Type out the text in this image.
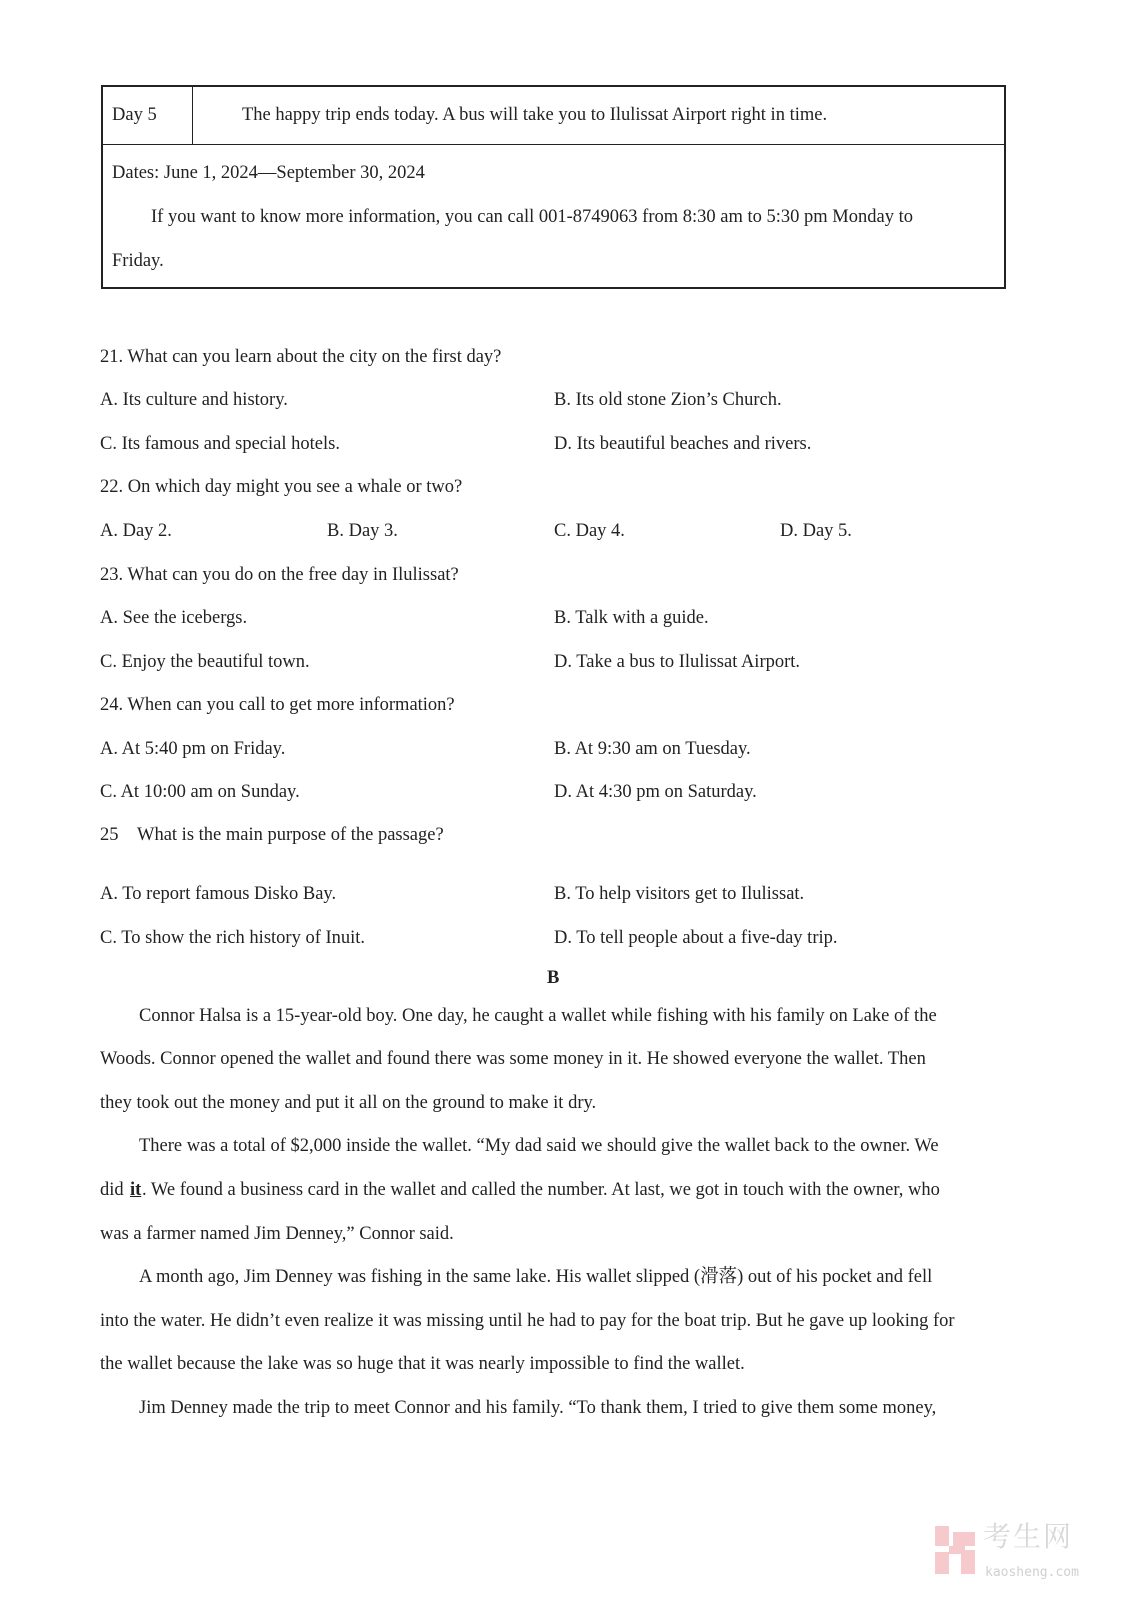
Day 5	The happy trip ends today. A bus will take you to Ilulissat Airport right in time.
Dates: June 1, 2024—September 30, 2024
If you want to know more information, you can call 001-8749063 from 8:30 am to 5:30 pm Monday to
Friday.
21. What can you learn about the city on the first day?
A. Its culture and history.	B. Its old stone Zion’s Church.
C. Its famous and special hotels.	D. Its beautiful beaches and rivers.
22. On which day might you see a whale or two?
A. Day 2.	B. Day 3.	C. Day 4.	D. Day 5.
23. What can you do on the free day in Ilulissat?
A. See the icebergs.	B. Talk with a guide.
C. Enjoy the beautiful town.	D. Take a bus to Ilulissat Airport.
24. When can you call to get more information?
A. At 5:40 pm on Friday.	B. At 9:30 am on Tuesday.
C. At 10:00 am on Sunday.	D. At 4:30 pm on Saturday.
25 What is the main purpose of the passage?
A. To report famous Disko Bay.	B. To help visitors get to Ilulissat.
C. To show the rich history of Inuit.	D. To tell people about a five-day trip.
B
Connor Halsa is a 15-year-old boy. One day, he caught a wallet while fishing with his family on Lake of the
Woods. Connor opened the wallet and found there was some money in it. He showed everyone the wallet. Then
they took out the money and put it all on the ground to make it dry.
There was a total of $2,000 inside the wallet. “My dad said we should give the wallet back to the owner. We
did it . We found a business card in the wallet and called the number. At last, we got in touch with the owner, who
was a farmer named Jim Denney,” Connor said.
A month ago, Jim Denney was fishing in the same lake. His wallet slipped (滑落) out of his pocket and fell
into the water. He didn’t even realize it was missing until he had to pay for the boat trip. But he gave up looking for
the wallet because the lake was so huge that it was nearly impossible to find the wallet.
Jim Denney made the trip to meet Connor and his family. “To thank them, I tried to give them some money,
考生网
kaosheng.com
